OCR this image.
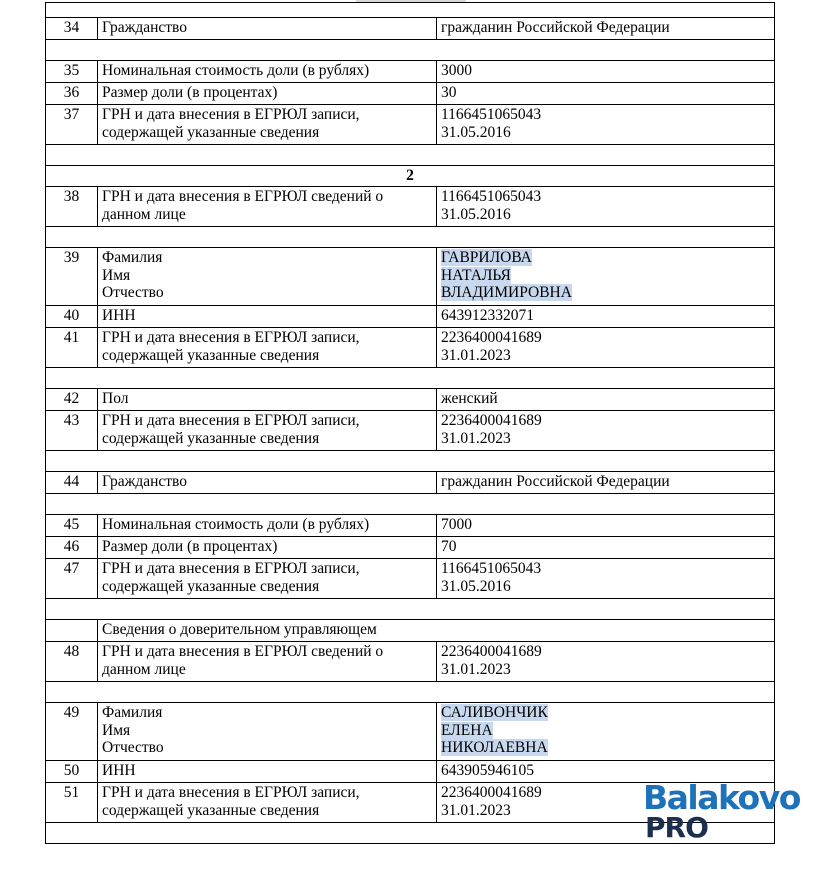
34	Гражданство	гражданин Российской Федерации

35	Номинальная стоимость доли (в рублях)	3000
36	Размер доли (в процентах)	30
37	ГРН и дата внесения в ЕГРЮЛ записи,
содержащей указанные сведения	1166451065043
31.05.2016

2		
38	ГРН и дата внесения в ЕГРЮЛ сведений о
данном лице	1166451065043
31.05.2016

39	Фамилия
Имя
Отчество	ГАВРИЛОВА
НАТАЛЬЯ
ВЛАДИМИРОВНА
40	ИНН	643912332071
41	ГРН и дата внесения в ЕГРЮЛ записи,
содержащей указанные сведения	2236400041689
31.01.2023

42	Пол	женский
43	ГРН и дата внесения в ЕГРЮЛ записи,
содержащей указанные сведения	2236400041689
31.01.2023

44	Гражданство	гражданин Российской Федерации

45	Номинальная стоимость доли (в рублях)	7000
46	Размер доли (в процентах)	70
47	ГРН и дата внесения в ЕГРЮЛ записи,
содержащей указанные сведения	1166451065043
31.05.2016

	Сведения о доверительном управляющем	
48	ГРН и дата внесения в ЕГРЮЛ сведений о
данном лице	2236400041689
31.01.2023

49	Фамилия
Имя
Отчество	САЛИВОНЧИК
ЕЛЕНА
НИКОЛАЕВНА
50	ИНН	643905946105
51	ГРН и дата внесения в ЕГРЮЛ записи,
содержащей указанные сведения	2236400041689
31.01.2023	Balakovo
PRO
